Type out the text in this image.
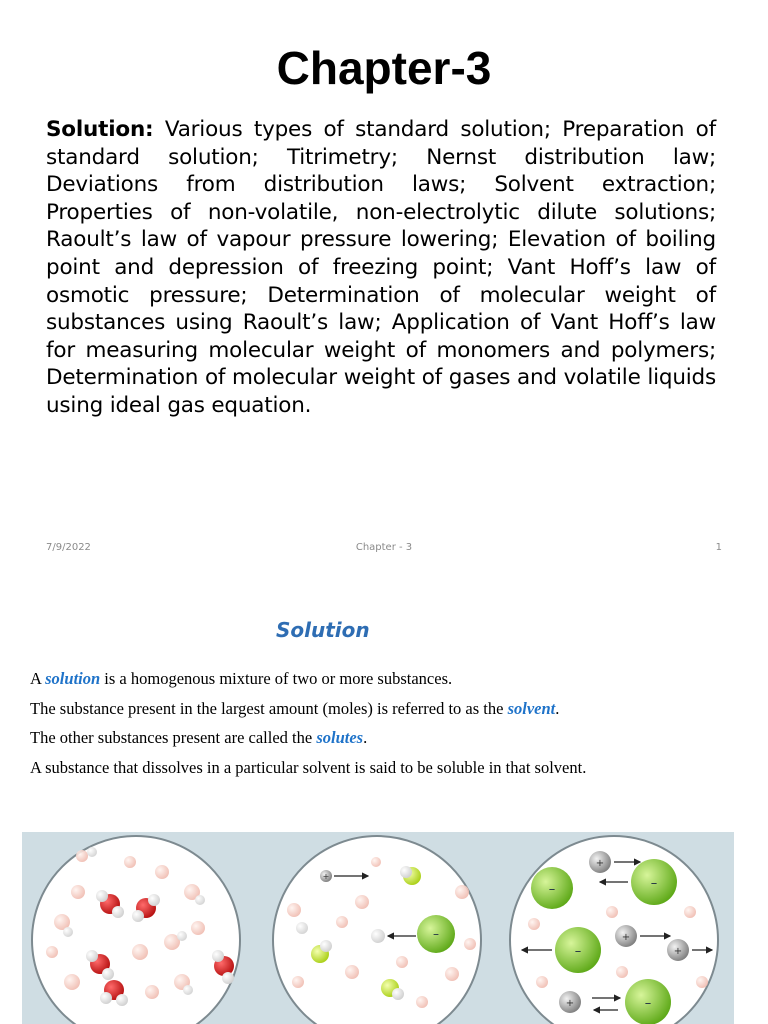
Chapter-3
Solution: Various types of standard solution; Preparation of standard solution; Titrimetry; Nernst distribution law; Deviations from distribution laws; Solvent extraction; Properties of non-volatile, non-electrolytic dilute solutions; Raoult’s law of vapour pressure lowering; Elevation of boiling point and depression of freezing point; Vant Hoff’s law of osmotic pressure; Determination of molecular weight of substances using Raoult’s law; Application of Vant Hoff’s law for measuring molecular weight of monomers and polymers; Determination of molecular weight of gases and volatile liquids using ideal gas equation.
7/9/2022	Chapter - 3	1
Solution
A solution is a homogenous mixture of two or more substances.
The substance present in the largest amount (moles) is referred to as the solvent.
The other substances present are called the solutes.
A substance that dissolves in a particular solvent is said to be soluble in that solvent.
+
–
+
–
–
+
–	+
+	–
